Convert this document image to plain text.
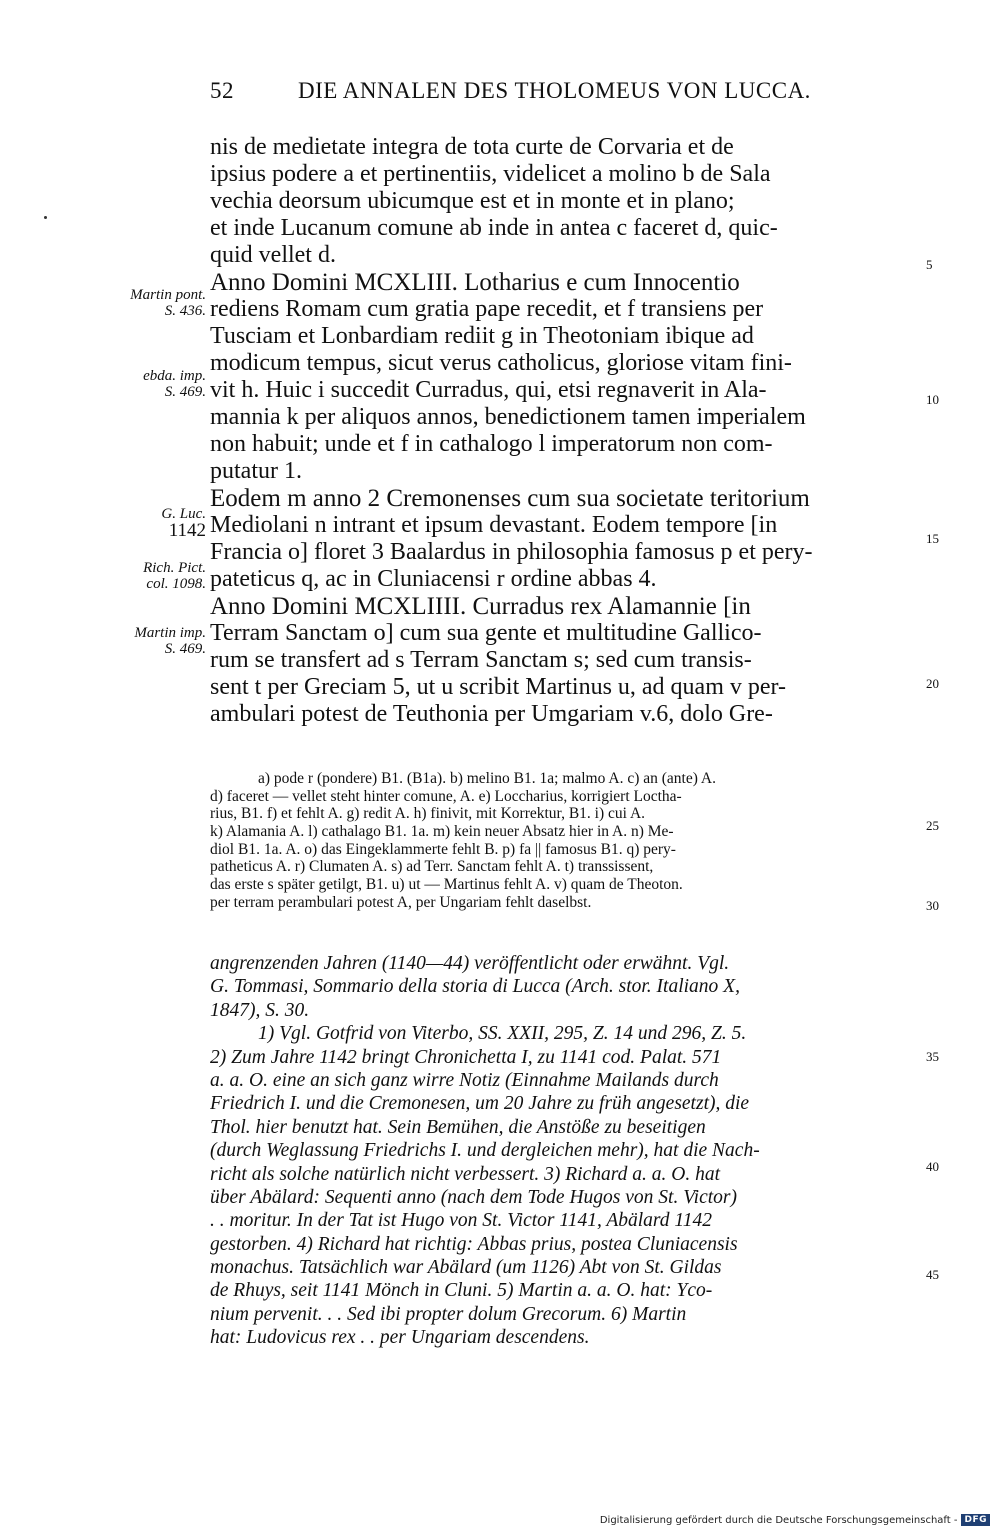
52	DIE ANNALEN DES THOLOMEUS VON LUCCA.
nis de medietate integra de tota curte de Corvaria et de
ipsius podere a et pertinentiis, videlicet a molino b de Sala
vechia deorsum ubicumque est et in monte et in plano;
et inde Lucanum comune ab inde in antea c faceret d, quic-
quid vellet d.
Anno Domini MCXLIII. Lotharius e cum Innocentio
rediens Romam cum gratia pape recedit, et f transiens per
Tusciam et Lonbardiam rediit g in Theotoniam ibique ad
modicum tempus, sicut verus catholicus, gloriose vitam fini-
vit h. Huic i succedit Curradus, qui, etsi regnaverit in Ala-
mannia k per aliquos annos, benedictionem tamen imperialem
non habuit; unde et f in cathalogo l imperatorum non com-
putatur 1.
Eodem m anno 2 Cremonenses cum sua societate teritorium
Mediolani n intrant et ipsum devastant. Eodem tempore [in
Francia o] floret 3 Baalardus in philosophia famosus p et pery-
pateticus q, ac in Cluniacensi r ordine abbas 4.
Anno Domini MCXLIIII. Curradus rex Alamannie [in
Terram Sanctam o] cum sua gente et multitudine Gallico-
rum se transfert ad s Terram Sanctam s; sed cum transis-
sent t per Greciam 5, ut u scribit Martinus u, ad quam v per-
ambulari potest de Teuthonia per Umgariam v.6, dolo Gre-
Martin pont.
S. 436.
ebda. imp.
S. 469.
G. Luc.
1142
Rich. Pict.
col. 1098.
Martin imp.
S. 469.
5
10
15
20
25
30
35
40
45
a) pode r (pondere) B1. (B1a). b) melino B1. 1a; malmo A. c) an (ante) A.
d) faceret — vellet steht hinter comune, A. e) Loccharius, korrigiert Loctha-
rius, B1. f) et fehlt A. g) redit A. h) finivit, mit Korrektur, B1. i) cui A.
k) Alamania A. l) cathalago B1. 1a. m) kein neuer Absatz hier in A. n) Me-
diol B1. 1a. A. o) das Eingeklammerte fehlt B. p) fa || famosus B1. q) pery-
patheticus A. r) Clumaten A. s) ad Terr. Sanctam fehlt A. t) transsissent,
das erste s später getilgt, B1. u) ut — Martinus fehlt A. v) quam de Theoton.
per terram perambulari potest A, per Ungariam fehlt daselbst.
angrenzenden Jahren (1140—44) veröffentlicht oder erwähnt. Vgl.
G. Tommasi, Sommario della storia di Lucca (Arch. stor. Italiano X,
1847), S. 30.
1) Vgl. Gotfrid von Viterbo, SS. XXII, 295, Z. 14 und 296, Z. 5.
2) Zum Jahre 1142 bringt Chronichetta I, zu 1141 cod. Palat. 571
a. a. O. eine an sich ganz wirre Notiz (Einnahme Mailands durch
Friedrich I. und die Cremonesen, um 20 Jahre zu früh angesetzt), die
Thol. hier benutzt hat. Sein Bemühen, die Anstöße zu beseitigen
(durch Weglassung Friedrichs I. und dergleichen mehr), hat die Nach-
richt als solche natürlich nicht verbessert. 3) Richard a. a. O. hat
über Abälard: Sequenti anno (nach dem Tode Hugos von St. Victor)
. . moritur. In der Tat ist Hugo von St. Victor 1141, Abälard 1142
gestorben. 4) Richard hat richtig: Abbas prius, postea Cluniacensis
monachus. Tatsächlich war Abälard (um 1126) Abt von St. Gildas
de Rhuys, seit 1141 Mönch in Cluni. 5) Martin a. a. O. hat: Yco-
nium pervenit. . . Sed ibi propter dolum Grecorum. 6) Martin
hat: Ludovicus rex . . per Ungariam descendens.
Digitalisierung gefördert durch die Deutsche Forschungsgemeinschaft - DFG
